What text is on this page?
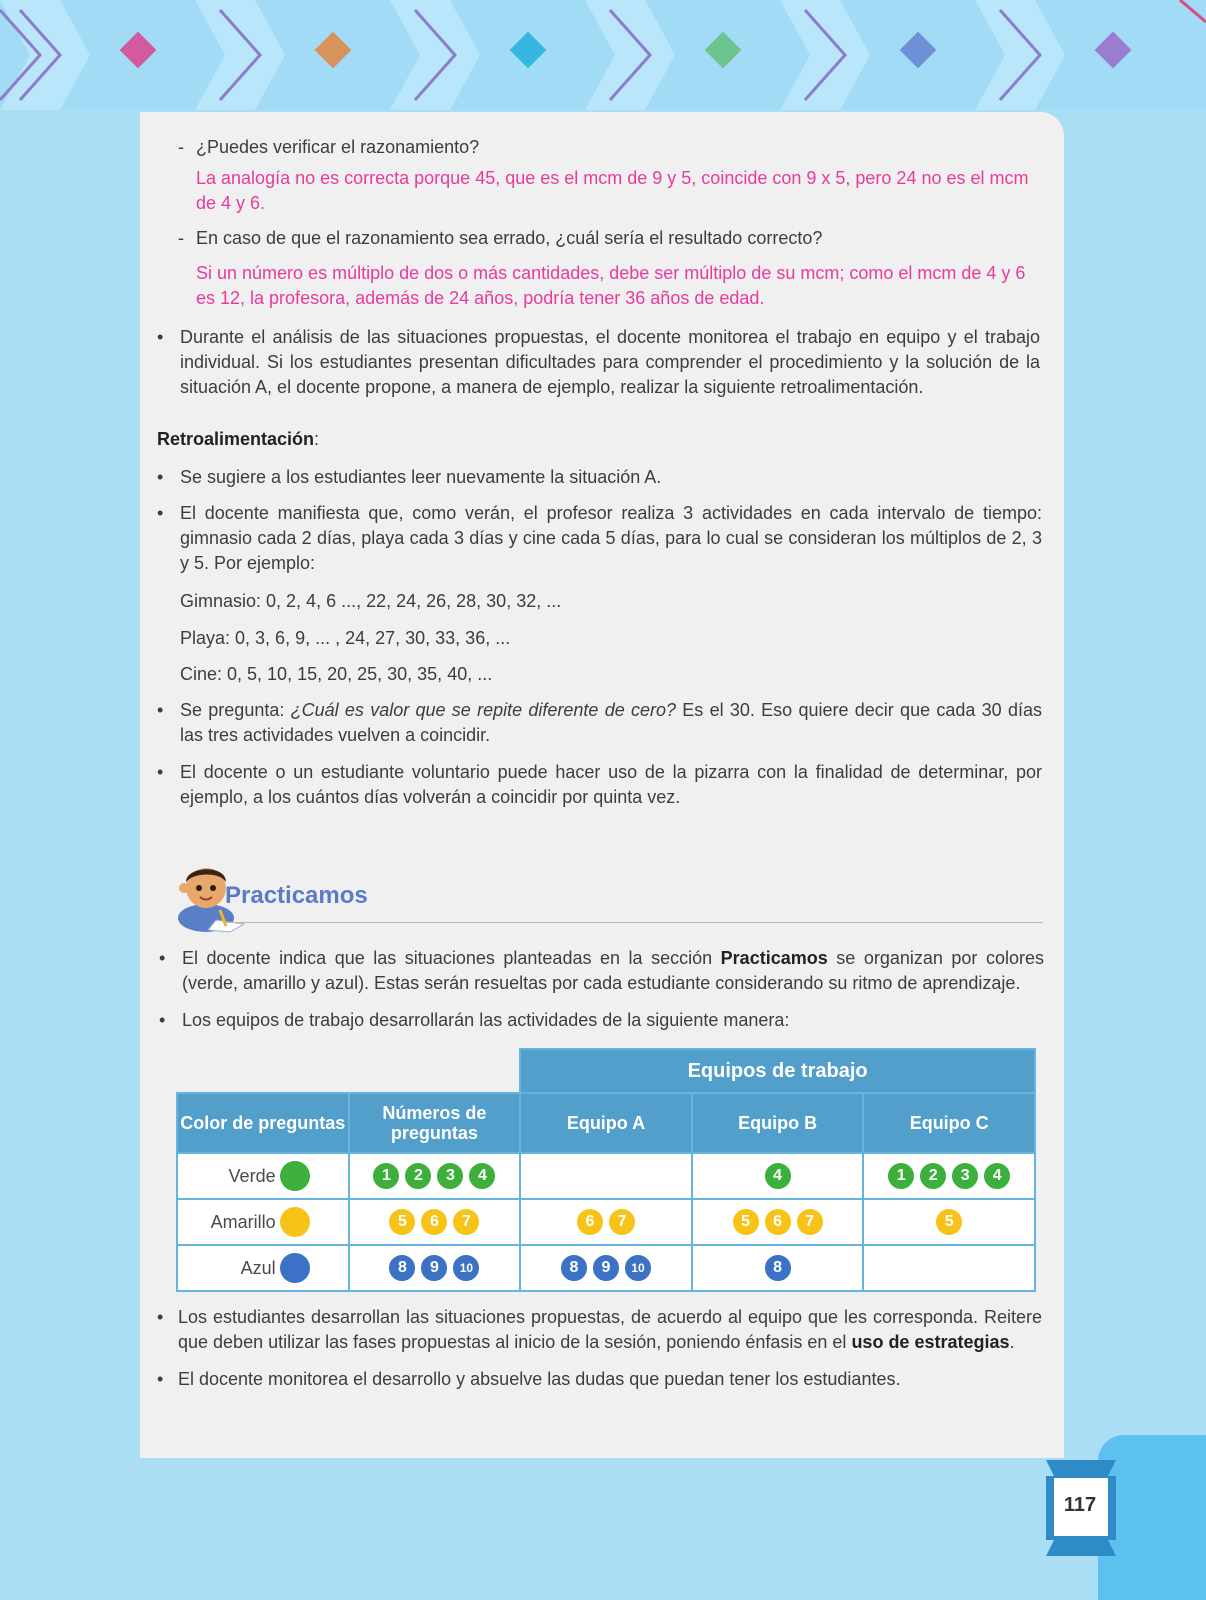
- ¿Puedes verificar el razonamiento?
La analogía no es correcta porque 45, que es el mcm de 9 y 5, coincide con 9 x 5, pero 24 no es el mcm de 4 y 6.
- En caso de que el razonamiento sea errado, ¿cuál sería el resultado correcto?
Si un número es múltiplo de dos o más cantidades, debe ser múltiplo de su mcm; como el mcm de 4 y 6 es 12, la profesora, además de 24 años, podría tener 36 años de edad.
• Durante el análisis de las situaciones propuestas, el docente monitorea el trabajo en equipo y el trabajo individual. Si los estudiantes presentan dificultades para comprender el procedimiento y la solución de la situación A, el docente propone, a manera de ejemplo, realizar la siguiente retroalimentación.
Retroalimentación:
• Se sugiere a los estudiantes leer nuevamente la situación A.
• El docente manifiesta que, como verán, el profesor realiza 3 actividades en cada intervalo de tiempo: gimnasio cada 2 días, playa cada 3 días y cine cada 5 días, para lo cual se consideran los múltiplos de 2, 3 y 5. Por ejemplo:
Gimnasio: 0, 2, 4, 6 ..., 22, 24, 26, 28, 30, 32, ...
Playa: 0, 3, 6, 9, ... , 24, 27, 30, 33, 36, ...
Cine: 0, 5, 10, 15, 20, 25, 30, 35, 40, ...
• Se pregunta: ¿Cuál es valor que se repite diferente de cero? Es el 30. Eso quiere decir que cada 30 días las tres actividades vuelven a coincidir.
• El docente o un estudiante voluntario puede hacer uso de la pizarra con la finalidad de determinar, por ejemplo, a los cuántos días volverán a coincidir por quinta vez.
Practicamos
• El docente indica que las situaciones planteadas en la sección Practicamos se organizan por colores (verde, amarillo y azul). Estas serán resueltas por cada estudiante considerando su ritmo de aprendizaje.
• Los equipos de trabajo desarrollarán las actividades de la siguiente manera:
		Equipos de trabajo		
Color de preguntas	Números de preguntas	Equipo A	Equipo B	Equipo C

Verde	1 2 3 4		4	1 2 3 4

Amarillo	5 6 7	6 7	5 6 7	5

Azul	8 9 10	8 9 10	8	
• Los estudiantes desarrollan las situaciones propuestas, de acuerdo al equipo que les corresponda. Reitere que deben utilizar las fases propuestas al inicio de la sesión, poniendo énfasis en el uso de estrategias.
• El docente monitorea el desarrollo y absuelve las dudas que puedan tener los estudiantes.
117
